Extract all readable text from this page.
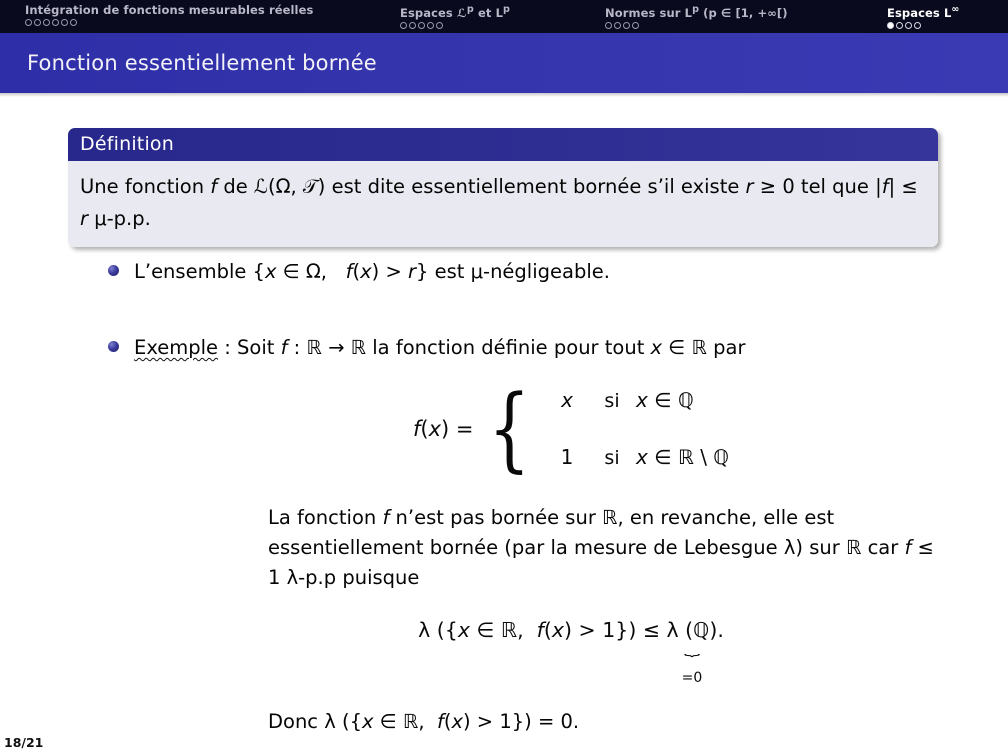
Intégration de fonctions mesurables réelles	Espaces ℒ$^p$ et $L^p$	Normes sur $L^p$ (p ∈ [1, +∞[)	Espaces L∞
Fonction essentiellement bornée
Définition
Une fonction f de ℒ(Ω, 𝒯) est dite essentiellement bornée s’il existe r ≥ 0 tel que |f| ≤ r μ-p.p.
L’ensemble {x ∈ Ω,   f(x) > r} est μ-négligeable.
Exemple : Soit f : ℝ → ℝ la fonction définie pour tout x ∈ ℝ par
f(x) = {	x	si x ∈ ℚ
1	si x ∈ ℝ \ ℚ
La fonction f n’est pas bornée sur ℝ, en revanche, elle est essentiellement bornée (par la mesure de Lebesgue λ) sur ℝ car f ≤ 1 λ-p.p puisque
λ ({x ∈ ℝ,  f(x) > 1}) ≤ λ (ℚ)
⏟
=0
.
Donc λ ({x ∈ ℝ,  f(x) > 1}) = 0.
18/21
